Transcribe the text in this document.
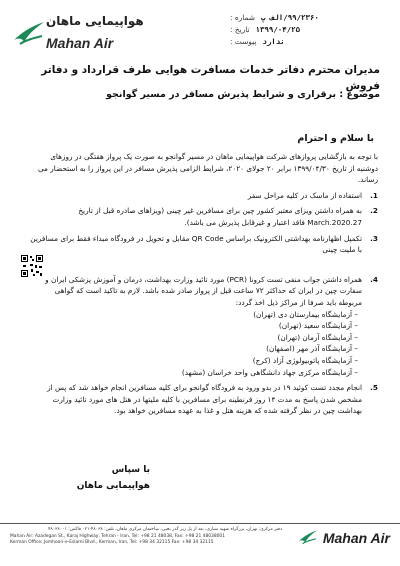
هواپیمایی ماهان
Mahan Air
شماره : ۹۹/۲۳۶۰/الف پ
تاریخ : ۱۳۹۹/۰۴/۲۵
پیوست : ندارد
مدیران محترم دفاتر خدمات مسافرت هوایی طرف قرارداد و دفاتر فروش
موضوع : برقراری و شرایط پذیرش مسافر در مسیر گوانجو
با سلام و احترام

با توجه به بازگشایی پروازهای شرکت هواپیمایی ماهان در مسیر گوانجو به صورت یک پرواز هفتگی در روزهای دوشنبه از تاریخ ۱۳۹۹/۰۴/۳۰ برابر ۲۰ جولای ۲۰۲۰، شرایط الزامی پذیرش مسافر در این پرواز را به استحضار می رساند.

1.
استفاده از ماسک در کلیه مراحل سفر
2.
به همراه داشتن ویزای معتبر کشور چین برای مسافرین غیر چینی (ویزاهای صادره قبل از تاریخ 27.March.2020 فاقد اعتبار و غیرقابل پذیرش می باشد).
3.
تکمیل اظهارنامه بهداشتی الکترونیک براساس QR Code مقابل و تحویل در فرودگاه مبداء فقط برای مسافرین با ملیت چینی
4.
همراه داشتن جواب منفی تست کرونا (PCR) مورد تائید وزارت بهداشت، درمان و آموزش پزشکی ایران و سفارت چین در ایران که حداکثر ۷۲ ساعت قبل از پرواز صادر شده باشد. لازم به تاکید است که گواهی مربوطه باید صرفا از مراکز ذیل اخذ گردد:
– آزمایشگاه بیمارستان دی (تهران)
– آزمایشگاه سعید (تهران)
– آزمایشگاه آرمان (تهران)
– آزمایشگاه آذر مهر (اصفهان)
– آزمایشگاه پاتوبیولوژی آزاد (کرج)
– آزمایشگاه مرکزی جهاد دانشگاهی واحد خراسان (مشهد)
5.
انجام مجدد تست کوئید ۱۹ در بدو ورود به فرودگاه گوانجو برای کلیه مسافرین انجام خواهد شد که پس از مشخص شدن پاسخ به مدت ۱۴ روز قرنطینه برای مسافرین با کلیه ملیتها در هتل های مورد تائید وزارت بهداشت چین در نظر گرفته شده که هزینه هتل و غذا به عهده مسافرین خواهد بود.
با سپاس
هواپیمایی ماهان
دفتر مرکزی: تهران، بزرگراه شهید ستاری، بعد از پل زیر گذر یحیی، ساختمان مرکزی ماهان، تلفن: ۴۸۰۳۸-۰۲۱ فاکس: ۴۸۰۳۸۰۰۱
Mahan Air: Azadegan St., Karaj Highway, Tehran - Iran, Tel: +98 21 48038, Fax: +98 21 48038001
Kerman Office: Jomhoori-e-Eslami Blvd., Kerman, Iran, Tel: +98 34 32115 Fax: +98 34 32115	Mahan Air
